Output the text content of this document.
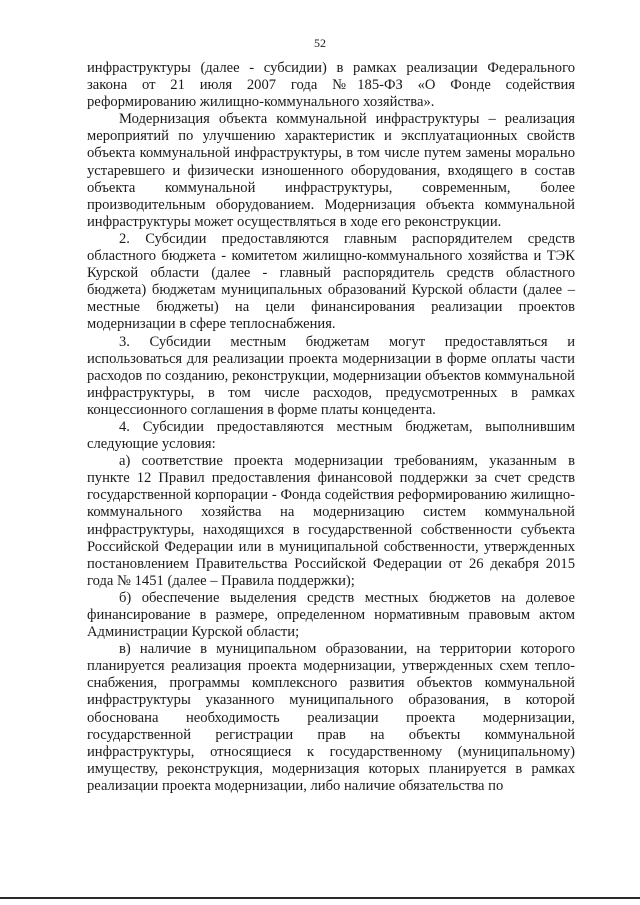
52

инфраструктуры (далее - субсидии) в рамках реализации Федерального закона от 21 июля 2007 года №185-ФЗ «О Фонде содействия реформированию жилищно-коммунального хозяйства».

Модернизация объекта коммунальной инфраструктуры – реализация мероприятий по улучшению характеристик и эксплуатационных свойств объекта коммунальной инфраструктуры, в том числе путем замены морально устаревшего и физически изношенного оборудования, входящего в состав объекта коммунальной инфраструктуры, современным, более производительным оборудованием. Модернизация объекта коммунальной инфраструктуры может осуществляться в ходе его реконструкции.

2. Субсидии предоставляются главным распорядителем средств областного бюджета - комитетом жилищно-коммунального хозяйства и ТЭК Курской области (далее - главный распорядитель средств областного бюджета) бюджетам муниципальных образований Курской области (далее – местные бюджеты) на цели финансирования реализации проектов модернизации в сфере теплоснабжения.

3. Субсидии местным бюджетам могут предоставляться и использоваться для реализации проекта модернизации в форме оплаты части расходов по созданию, реконструкции, модернизации объектов коммунальной инфраструктуры, в том числе расходов, предусмотренных в рамках концессионного соглашения в форме платы концедента.

4. Субсидии предоставляются местным бюджетам, выполнившим следующие условия:

а) соответствие проекта модернизации требованиям, указанным в пункте 12 Правил предоставления финансовой поддержки за счет средств государственной корпорации - Фонда содействия реформированию жилищно-коммунального хозяйства на модернизацию систем коммунальной инфраструктуры, находящихся в государственной собственности субъекта Российской Федерации или в муниципальной собственности, утвержденных постановлением Правительства Российской Федерации от 26 декабря 2015 года № 1451 (далее – Правила поддержки);

б) обеспечение выделения средств местных бюджетов на долевое финансирование в размере, определенном нормативным правовым актом Администрации Курской области;

в) наличие в муниципальном образовании, на территории которого планируется реализация проекта модернизации, утвержденных схем тепло-снабжения, программы комплексного развития объектов коммунальной инфраструктуры указанного муниципального образования, в которой обоснована необходимость реализации проекта модернизации, государственной регистрации прав на объекты коммунальной инфраструктуры, относящиеся к государственному (муниципальному) имуществу, реконструкция, модернизация которых планируется в рамках реализации проекта модернизации, либо наличие обязательства по
